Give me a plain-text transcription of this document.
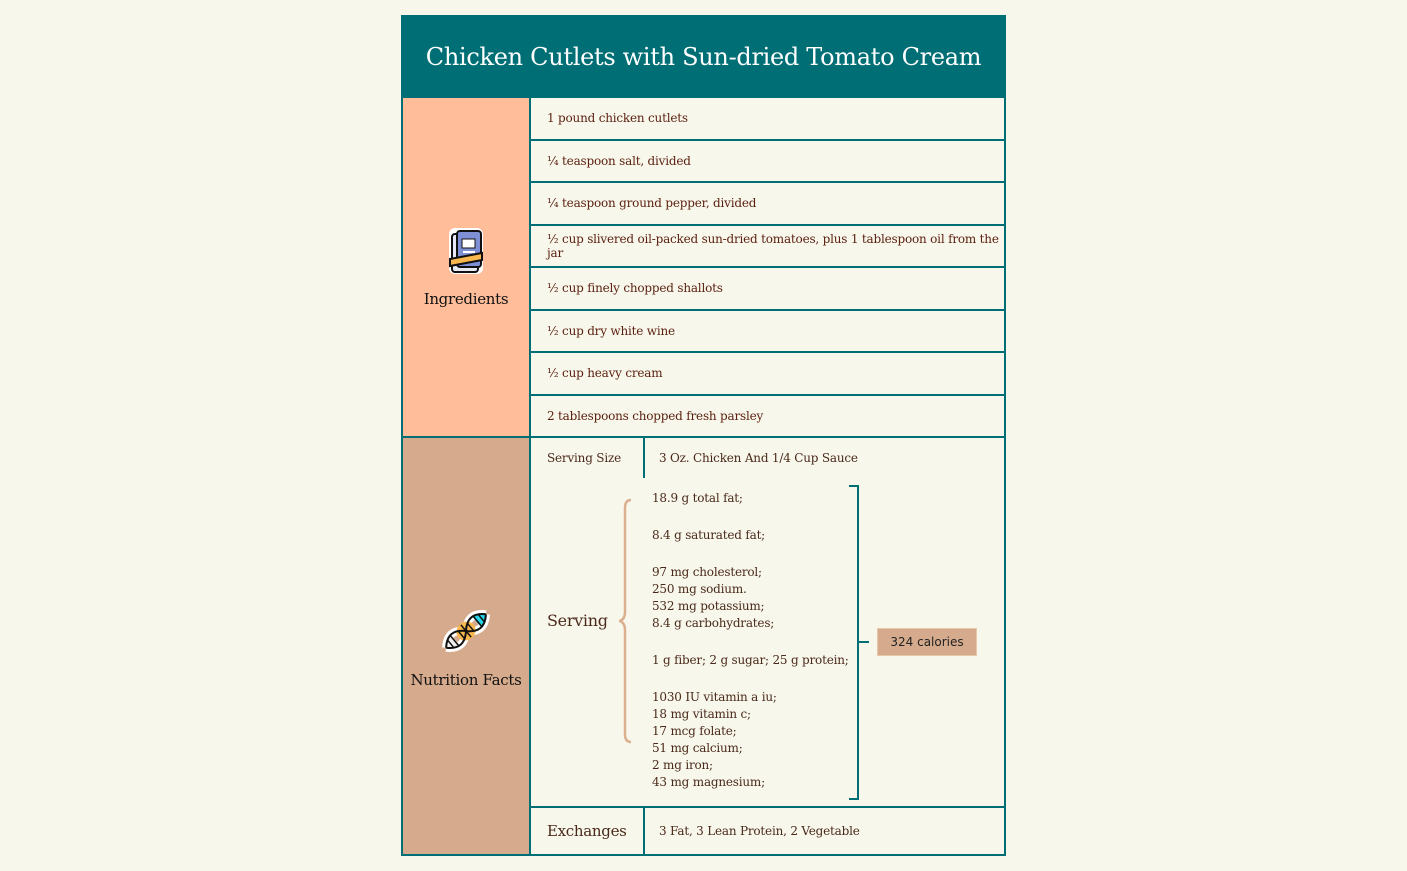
Chicken Cutlets with Sun-dried Tomato Cream
Ingredients
1 pound chicken cutlets
¼ teaspoon salt, divided
¼ teaspoon ground pepper, divided
½ cup slivered oil-packed sun-dried tomatoes, plus 1 tablespoon oil from the jar
½ cup finely chopped shallots
½ cup dry white wine
½ cup heavy cream
2 tablespoons chopped fresh parsley
Nutrition Facts
Serving Size	3 Oz. Chicken And 1/4 Cup Sauce
Serving
18.9 g total fat;
8.4 g saturated fat;
97 mg cholesterol;
250 mg sodium.
532 mg potassium;
8.4 g carbohydrates;
1 g fiber; 2 g sugar; 25 g protein;
1030 IU vitamin a iu;
18 mg vitamin c;
17 mcg folate;
51 mg calcium;
2 mg iron;
43 mg magnesium;
324 calories
Exchanges	3 Fat, 3 Lean Protein, 2 Vegetable
